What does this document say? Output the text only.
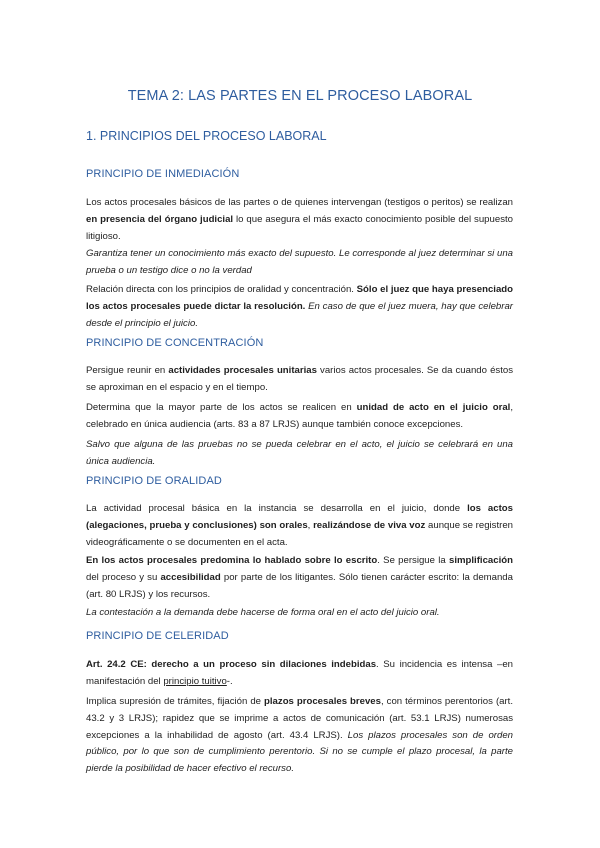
TEMA 2: LAS PARTES EN EL PROCESO LABORAL
1. PRINCIPIOS DEL PROCESO LABORAL
PRINCIPIO DE INMEDIACIÓN
Los actos procesales básicos de las partes o de quienes intervengan (testigos o peritos) se realizan en presencia del órgano judicial lo que asegura el más exacto conocimiento posible del supuesto litigioso.
Garantiza tener un conocimiento más exacto del supuesto. Le corresponde al juez determinar si una prueba o un testigo dice o no la verdad
Relación directa con los principios de oralidad y concentración. Sólo el juez que haya presenciado los actos procesales puede dictar la resolución. En caso de que el juez muera, hay que celebrar desde el principio el juicio.
PRINCIPIO DE CONCENTRACIÓN
Persigue reunir en actividades procesales unitarias varios actos procesales. Se da cuando éstos se aproximan en el espacio y en el tiempo.
Determina que la mayor parte de los actos se realicen en unidad de acto en el juicio oral, celebrado en única audiencia (arts. 83 a 87 LRJS) aunque también conoce excepciones.
Salvo que alguna de las pruebas no se pueda celebrar en el acto, el juicio se celebrará en una única audiencia.
PRINCIPIO DE ORALIDAD
La actividad procesal básica en la instancia se desarrolla en el juicio, donde los actos (alegaciones, prueba y conclusiones) son orales, realizándose de viva voz aunque se registren videográficamente o se documenten en el acta.
En los actos procesales predomina lo hablado sobre lo escrito. Se persigue la simplificación del proceso y su accesibilidad por parte de los litigantes. Sólo tienen carácter escrito: la demanda (art. 80 LRJS) y los recursos.
La contestación a la demanda debe hacerse de forma oral en el acto del juicio oral.
PRINCIPIO DE CELERIDAD
Art. 24.2 CE: derecho a un proceso sin dilaciones indebidas. Su incidencia es intensa –en manifestación del principio tuitivo-.
Implica supresión de trámites, fijación de plazos procesales breves, con términos perentorios (art. 43.2 y 3 LRJS); rapidez que se imprime a actos de comunicación (art. 53.1 LRJS) numerosas excepciones a la inhabilidad de agosto (art. 43.4 LRJS). Los plazos procesales son de orden público, por lo que son de cumplimiento perentorio. Si no se cumple el plazo procesal, la parte pierde la posibilidad de hacer efectivo el recurso.
